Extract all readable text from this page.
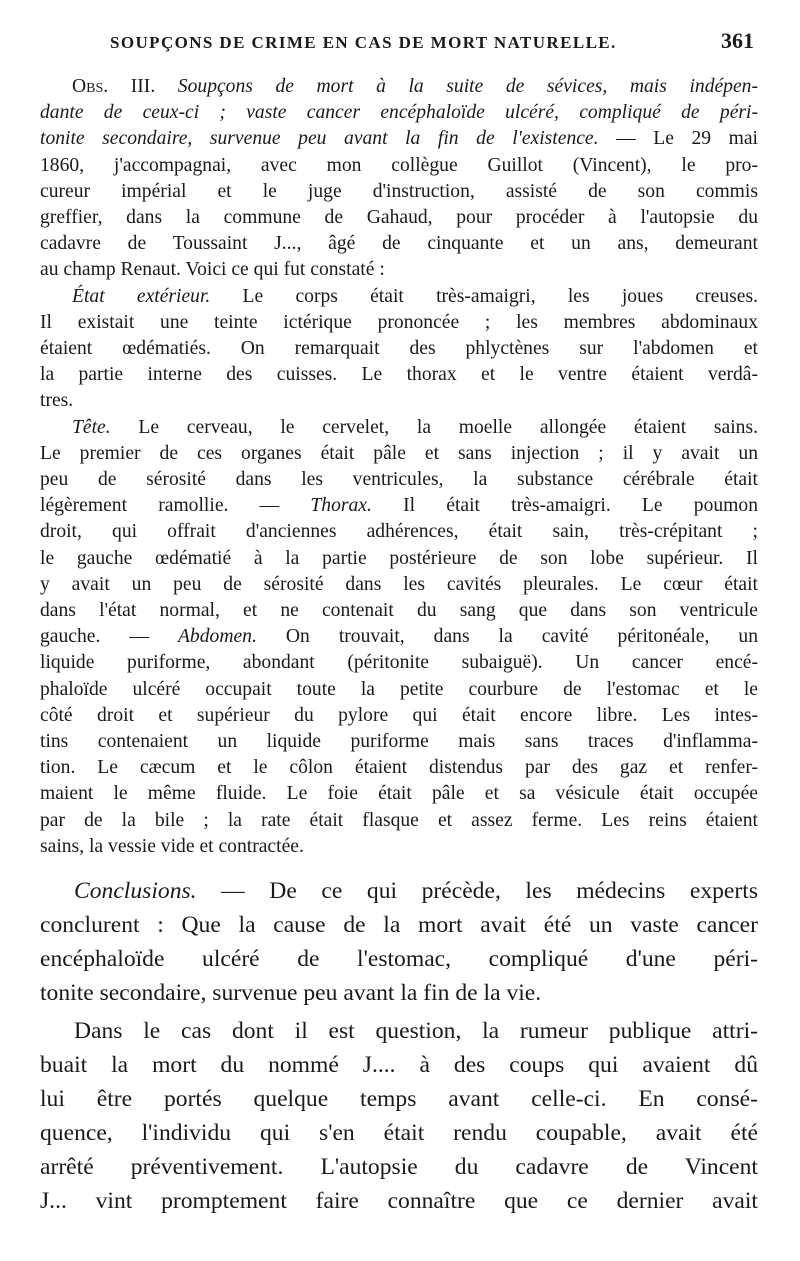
SOUPÇONS DE CRIME EN CAS DE MORT NATURELLE.	361
Obs. III. Soupçons de mort à la suite de sévices, mais indépen-
dante de ceux-ci ; vaste cancer encéphaloïde ulcéré, compliqué de péri-
tonite secondaire, survenue peu avant la fin de l'existence. — Le 29 mai
1860, j'accompagnai, avec mon collègue Guillot (Vincent), le pro-
cureur impérial et le juge d'instruction, assisté de son commis
greffier, dans la commune de Gahaud, pour procéder à l'autopsie du
cadavre de Toussaint J..., âgé de cinquante et un ans, demeurant
au champ Renaut. Voici ce qui fut constaté :
État extérieur. Le corps était très-amaigri, les joues creuses.
Il existait une teinte ictérique prononcée ; les membres abdominaux
étaient œdématiés. On remarquait des phlyctènes sur l'abdomen et
la partie interne des cuisses. Le thorax et le ventre étaient verdâ-
tres.
Tête. Le cerveau, le cervelet, la moelle allongée étaient sains.
Le premier de ces organes était pâle et sans injection ; il y avait un
peu de sérosité dans les ventricules, la substance cérébrale était
légèrement ramollie. — Thorax. Il était très-amaigri. Le poumon
droit, qui offrait d'anciennes adhérences, était sain, très-crépitant ;
le gauche œdématié à la partie postérieure de son lobe supérieur. Il
y avait un peu de sérosité dans les cavités pleurales. Le cœur était
dans l'état normal, et ne contenait du sang que dans son ventricule
gauche. — Abdomen. On trouvait, dans la cavité péritonéale, un
liquide puriforme, abondant (péritonite subaiguë). Un cancer encé-
phaloïde ulcéré occupait toute la petite courbure de l'estomac et le
côté droit et supérieur du pylore qui était encore libre. Les intes-
tins contenaient un liquide puriforme mais sans traces d'inflamma-
tion. Le cæcum et le côlon étaient distendus par des gaz et renfer-
maient le même fluide. Le foie était pâle et sa vésicule était occupée
par de la bile ; la rate était flasque et assez ferme. Les reins étaient
sains, la vessie vide et contractée.
Conclusions. — De ce qui précède, les médecins experts
conclurent : Que la cause de la mort avait été un vaste cancer
encéphaloïde ulcéré de l'estomac, compliqué d'une péri-
tonite secondaire, survenue peu avant la fin de la vie.
Dans le cas dont il est question, la rumeur publique attri-
buait la mort du nommé J.... à des coups qui avaient dû
lui être portés quelque temps avant celle-ci. En consé-
quence, l'individu qui s'en était rendu coupable, avait été
arrêté préventivement. L'autopsie du cadavre de Vincent
J... vint promptement faire connaître que ce dernier avait
